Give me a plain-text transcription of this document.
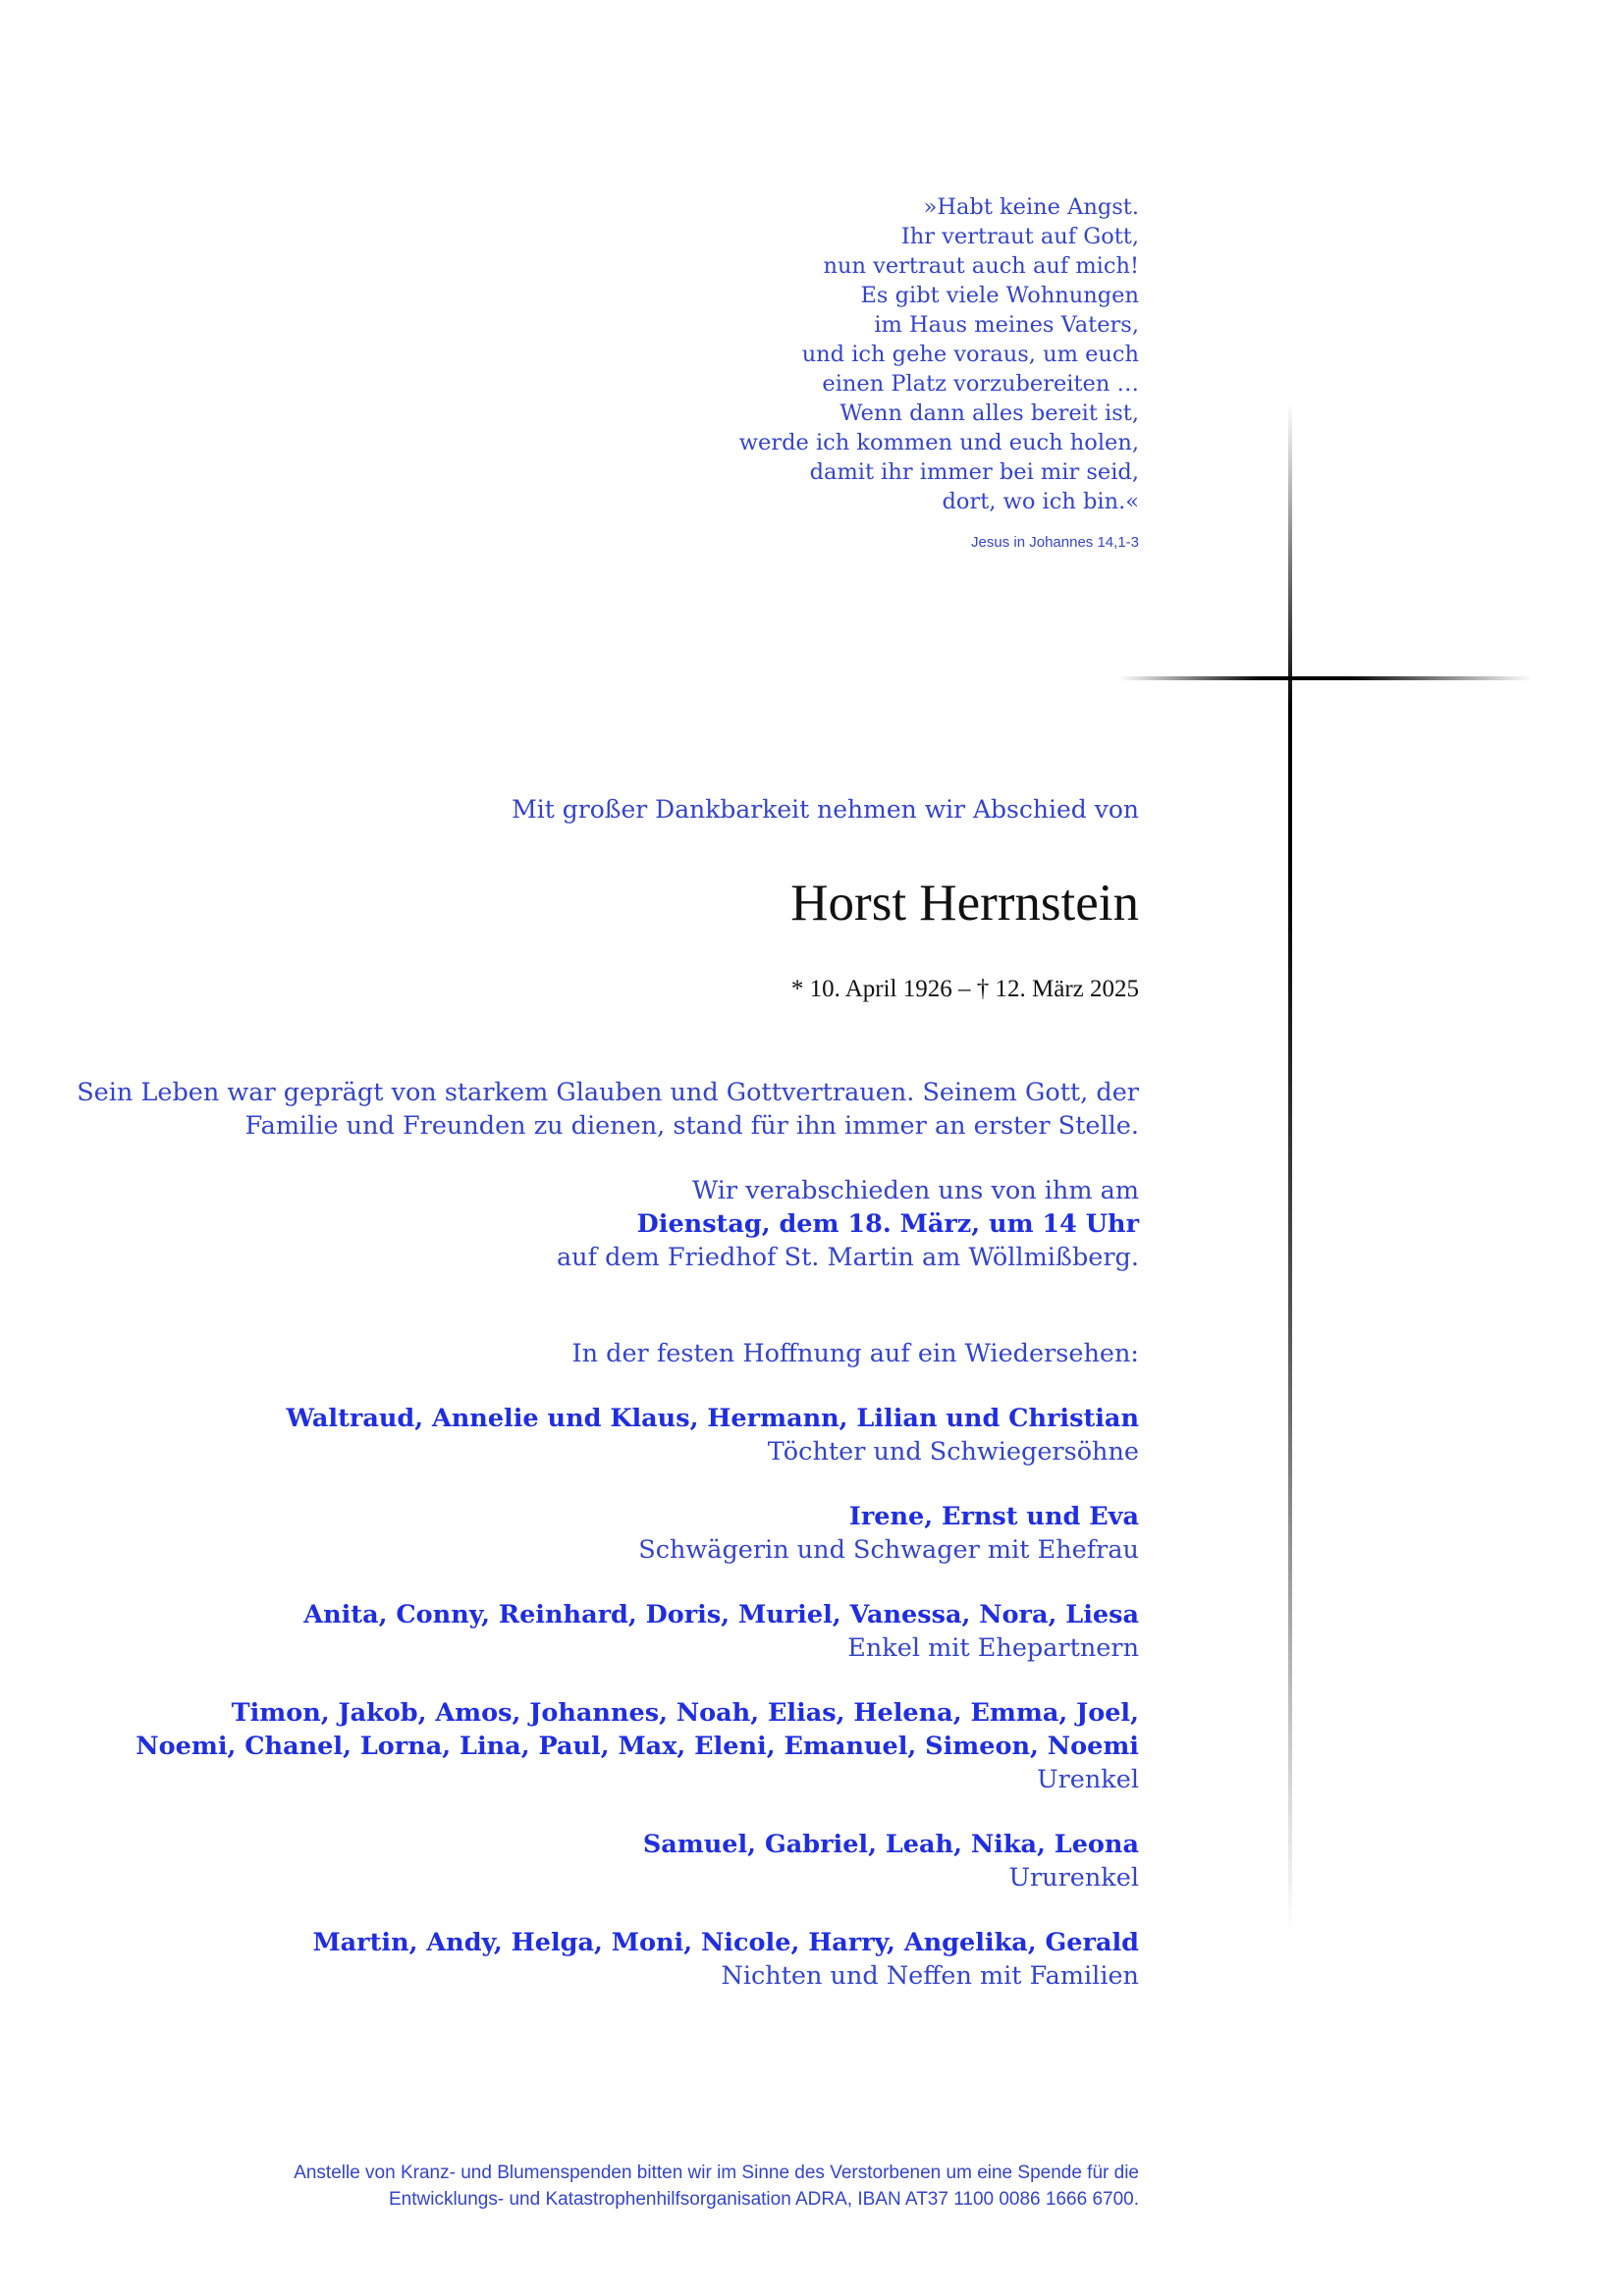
»Habt keine Angst.
Ihr vertraut auf Gott,
nun vertraut auch auf mich!
Es gibt viele Wohnungen
im Haus meines Vaters,
und ich gehe voraus, um euch
einen Platz vorzubereiten …
Wenn dann alles bereit ist,
werde ich kommen und euch holen,
damit ihr immer bei mir seid,
dort, wo ich bin.«
Jesus in Johannes 14,1-3
Mit großer Dankbarkeit nehmen wir Abschied von
Horst Herrnstein
* 10. April 1926 – † 12. März 2025
Sein Leben war geprägt von starkem Glauben und Gottvertrauen. Seinem Gott, der
Familie und Freunden zu dienen, stand für ihn immer an erster Stelle.
Wir verabschieden uns von ihm am
Dienstag, dem 18. März, um 14 Uhr
auf dem Friedhof St. Martin am Wöllmißberg.
In der festen Hoffnung auf ein Wiedersehen:
Waltraud, Annelie und Klaus, Hermann, Lilian und Christian
Töchter und Schwiegersöhne
Irene, Ernst und Eva
Schwägerin und Schwager mit Ehefrau
Anita, Conny, Reinhard, Doris, Muriel, Vanessa, Nora, Liesa
Enkel mit Ehepartnern
Timon, Jakob, Amos, Johannes, Noah, Elias, Helena, Emma, Joel,
Noemi, Chanel, Lorna, Lina, Paul, Max, Eleni, Emanuel, Simeon, Noemi
Urenkel
Samuel, Gabriel, Leah, Nika, Leona
Ururenkel
Martin, Andy, Helga, Moni, Nicole, Harry, Angelika, Gerald
Nichten und Neffen mit Familien
Anstelle von Kranz- und Blumenspenden bitten wir im Sinne des Verstorbenen um eine Spende für die
Entwicklungs- und Katastrophenhilfsorganisation ADRA, IBAN AT37 1100 0086 1666 6700.
